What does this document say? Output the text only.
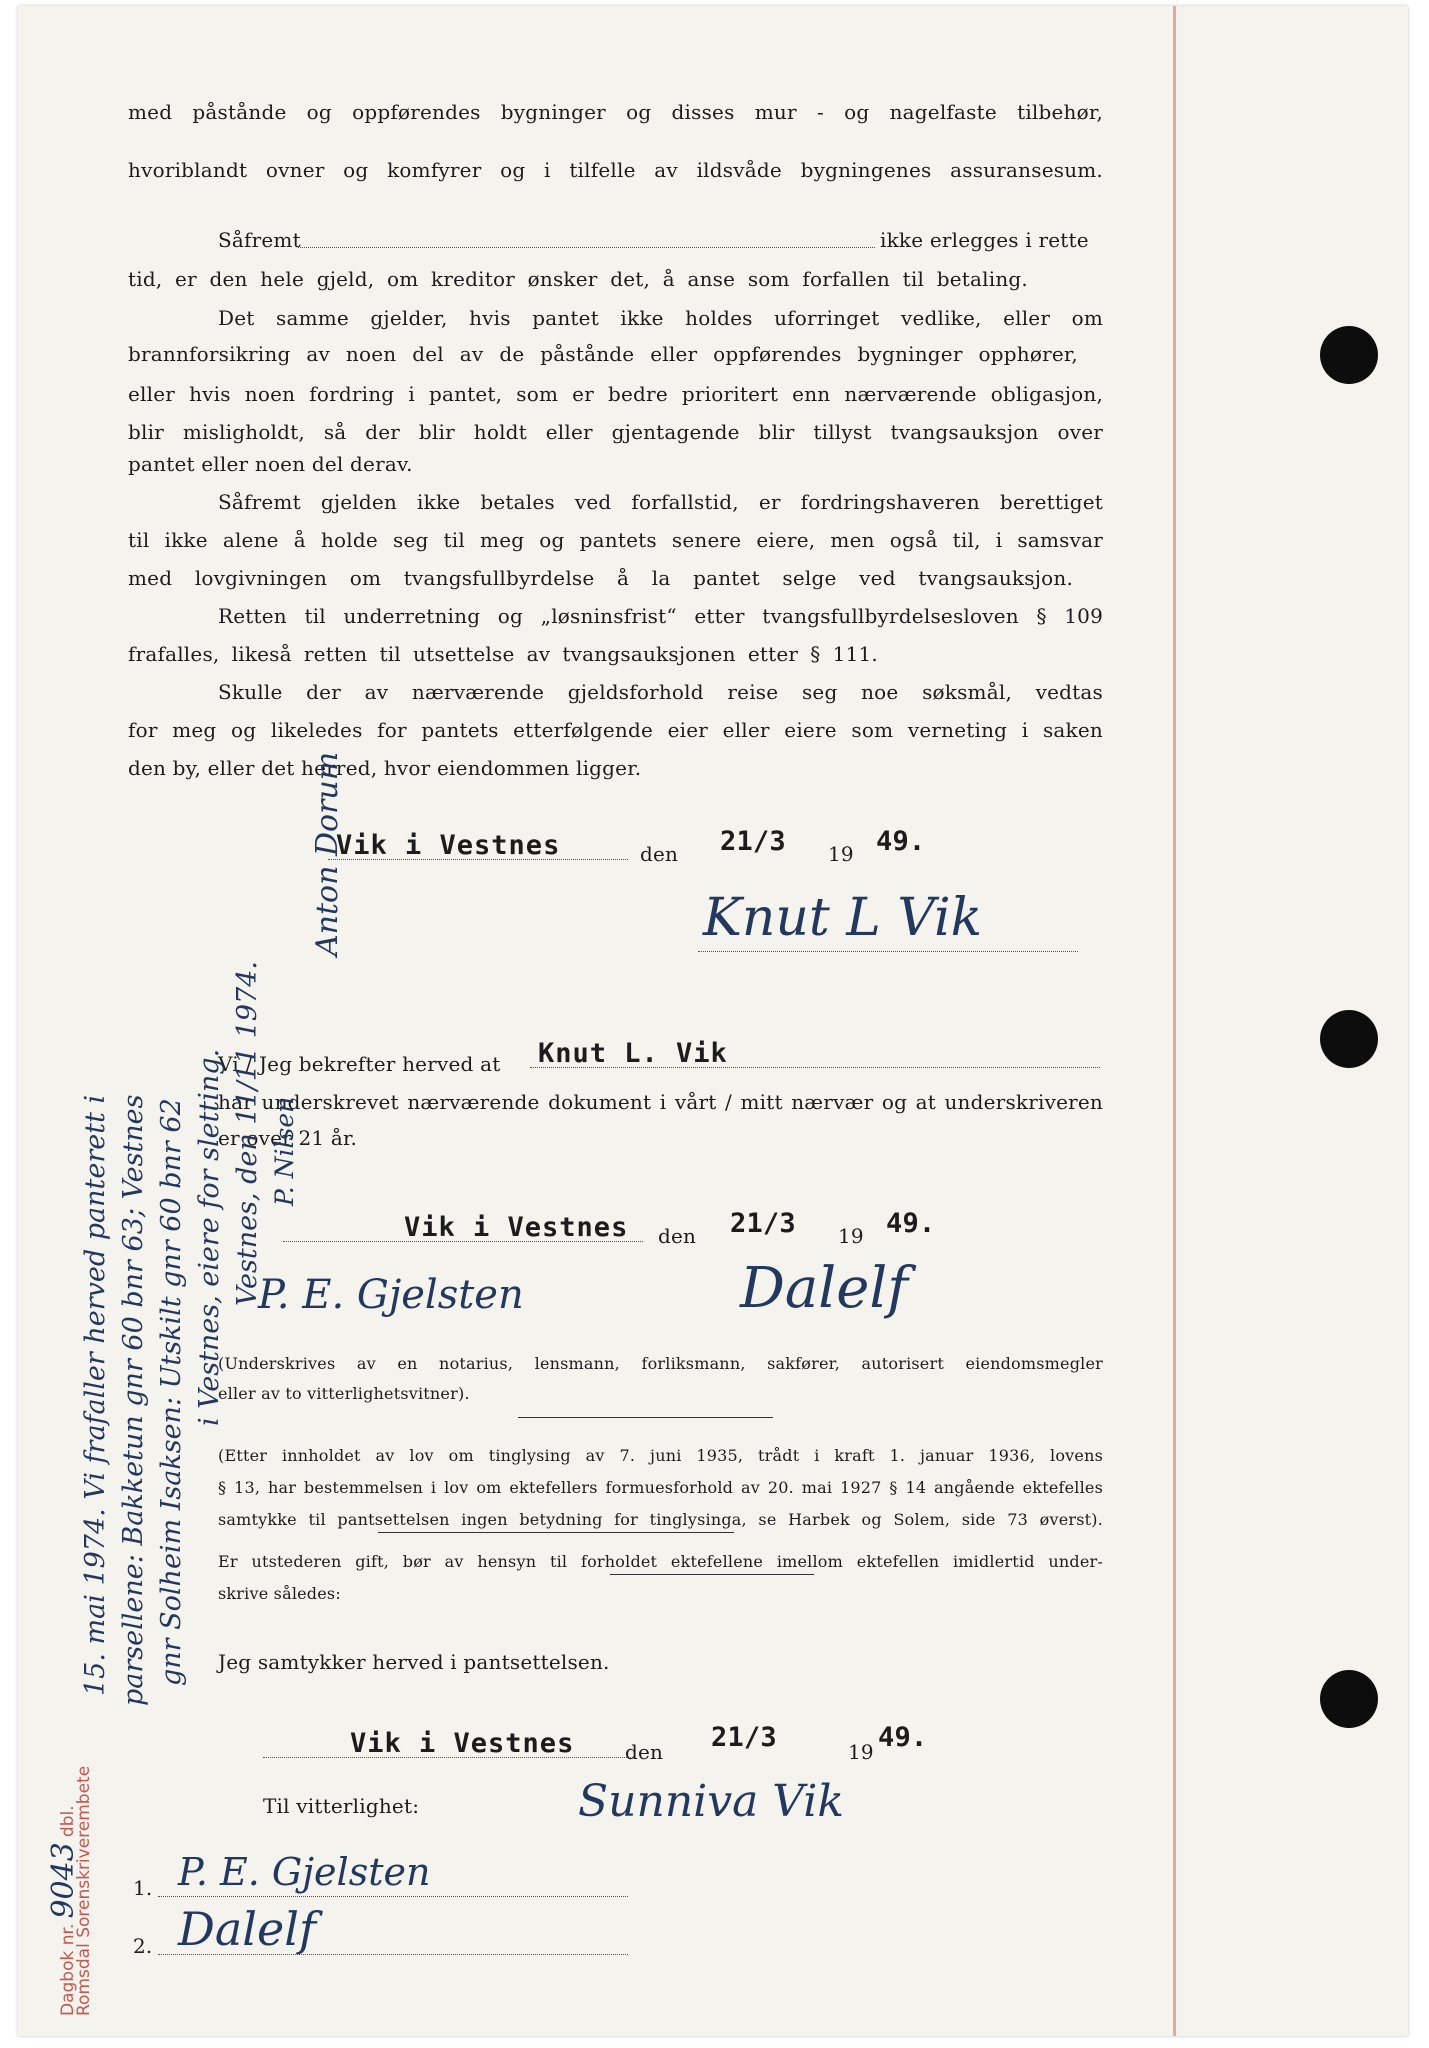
med påstånde og oppførendes bygninger og disses mur - og nagelfaste tilbehør,
hvoriblandt ovner og komfyrer og i tilfelle av ildsvåde bygningenes assuransesum.
Såfremt	ikke erlegges i rette
tid, er den hele gjeld, om kreditor ønsker det, å anse som forfallen til betaling.
Det samme gjelder, hvis pantet ikke holdes uforringet vedlike, eller om
brannforsikring av noen del av de påstånde eller oppførendes bygninger opphører,
eller hvis noen fordring i pantet, som er bedre prioritert enn nærværende obligasjon,
blir misligholdt, så der blir holdt eller gjentagende blir tillyst tvangsauksjon over
pantet eller noen del derav.
Såfremt gjelden ikke betales ved forfallstid, er fordringshaveren berettiget
til ikke alene å holde seg til meg og pantets senere eiere, men også til, i samsvar
med lovgivningen om tvangsfullbyrdelse å la pantet selge ved tvangsauksjon.
Retten til underretning og „løsninsfrist“ etter tvangsfullbyrdelsesloven § 109
frafalles, likeså retten til utsettelse av tvangsauksjonen etter § 111.
Skulle der av nærværende gjeldsforhold reise seg noe søksmål, vedtas
for meg og likeledes for pantets etterfølgende eier eller eiere som verneting i saken
den by, eller det herred, hvor eiendommen ligger.
Vik i Vestnes	den 21/3 19 49.
Knut L Vik
Vi / Jeg bekrefter herved at Knut L. Vik
har underskrevet nærværende dokument i vårt / mitt nærvær og at underskriveren
er over 21 år.
Vik i Vestnes den 21/3 19 49.
P. E. Gjelsten	Dalelf
(Underskrives av en notarius, lensmann, forliksmann, sakfører, autorisert eiendomsmegler
eller av to vitterlighetsvitner).
(Etter innholdet av lov om tinglysing av 7. juni 1935, trådt i kraft 1. januar 1936, lovens
§ 13, har bestemmelsen i lov om ektefellers formuesforhold av 20. mai 1927 § 14 angående ektefelles
samtykke til pantsettelsen ingen betydning for tinglysinga, se Harbek og Solem, side 73 øverst).
Er utstederen gift, bør av hensyn til forholdet ektefellene imellom ektefellen imidlertid under-
skrive således:
Jeg samtykker herved i pantsettelsen.
Vik i Vestnes	den 21/3	19 49.
Til vitterlighet:	Sunniva Vik
1. P. E. Gjelsten
2. Dalelf
Dagbok nr. 9043 dbl.
Romsdal Sorenskriverembete
15. mai 1974. Vi frafaller herved panterett i parsellene: Bakketun gnr 60 bnr 63; Vestnes gnr Solheim Isaksen: Utskilt gnr 60 bnr 62 i Vestnes, eiere for sletting. Vestnes, den 11/11 1974. P. Nilsen
Anton Dorum
